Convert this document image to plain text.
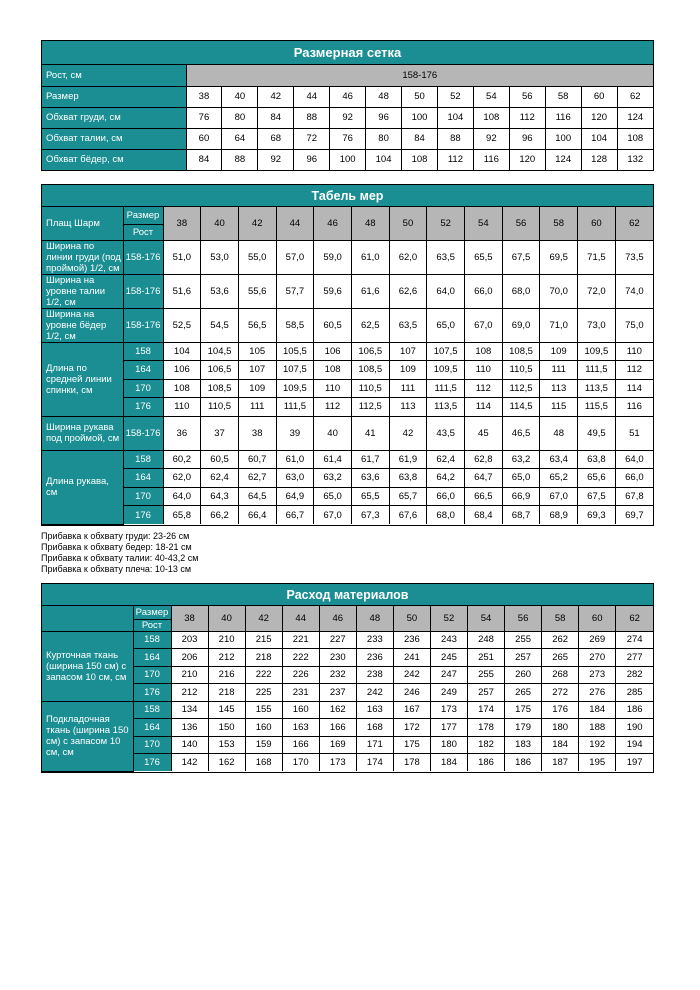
Размерная сетка
Рост, см	158-176												
Размер	38	40	42	44	46	48	50	52	54	56	58	60	62
Обхват груди, см	76	80	84	88	92	96	100	104	108	112	116	120	124
Обхват талии, см	60	64	68	72	76	80	84	88	92	96	100	104	108
Обхват бёдер, см	84	88	92	96	100	104	108	112	116	120	124	128	132
Табель мер
Плащ Шарм	Размер	38	40	42	44	46	48	50	52	54	56	58	60	62
	Рост													
Ширина по линии груди (под проймой) 1/2, см	158-176	51,0	53,0	55,0	57,0	59,0	61,0	62,0	63,5	65,5	67,5	69,5	71,5	73,5
Ширина на уровне талии 1/2, см	158-176	51,6	53,6	55,6	57,7	59,6	61,6	62,6	64,0	66,0	68,0	70,0	72,0	74,0
Ширина на уровне бёдер 1/2, см	158-176	52,5	54,5	56,5	58,5	60,5	62,5	63,5	65,0	67,0	69,0	71,0	73,0	75,0
Длина по средней линии спинки, см	158	104	104,5	105	105,5	106	106,5	107	107,5	108	108,5	109	109,5	110
	164	106	106,5	107	107,5	108	108,5	109	109,5	110	110,5	111	111,5	112
	170	108	108,5	109	109,5	110	110,5	111	111,5	112	112,5	113	113,5	114
	176	110	110,5	111	111,5	112	112,5	113	113,5	114	114,5	115	115,5	116
Ширина рукава под проймой, см	158-176	36	37	38	39	40	41	42	43,5	45	46,5	48	49,5	51
Длина рукава, см	158	60,2	60,5	60,7	61,0	61,4	61,7	61,9	62,4	62,8	63,2	63,4	63,8	64,0
	164	62,0	62,4	62,7	63,0	63,2	63,6	63,8	64,2	64,7	65,0	65,2	65,6	66,0
	170	64,0	64,3	64,5	64,9	65,0	65,5	65,7	66,0	66,5	66,9	67,0	67,5	67,8
	176	65,8	66,2	66,4	66,7	67,0	67,3	67,6	68,0	68,4	68,7	68,9	69,3	69,7
Прибавка к обхвату груди: 23-26 см
Прибавка к обхвату бедер: 18-21 см
Прибавка к обхвату талии: 40-43,2 см
Прибавка к обхвату плеча: 10-13 см
Расход материалов
	Размер	38	40	42	44	46	48	50	52	54	56	58	60	62
	Рост													
Курточная ткань (ширина 150 см) с запасом 10 см, см	158	203	210	215	221	227	233	236	243	248	255	262	269	274
	164	206	212	218	222	230	236	241	245	251	257	265	270	277
	170	210	216	222	226	232	238	242	247	255	260	268	273	282
	176	212	218	225	231	237	242	246	249	257	265	272	276	285
Подкладочная ткань (ширина 150 см) с запасом 10 см, см	158	134	145	155	160	162	163	167	173	174	175	176	184	186
	164	136	150	160	163	166	168	172	177	178	179	180	188	190
	170	140	153	159	166	169	171	175	180	182	183	184	192	194
	176	142	162	168	170	173	174	178	184	186	186	187	195	197
